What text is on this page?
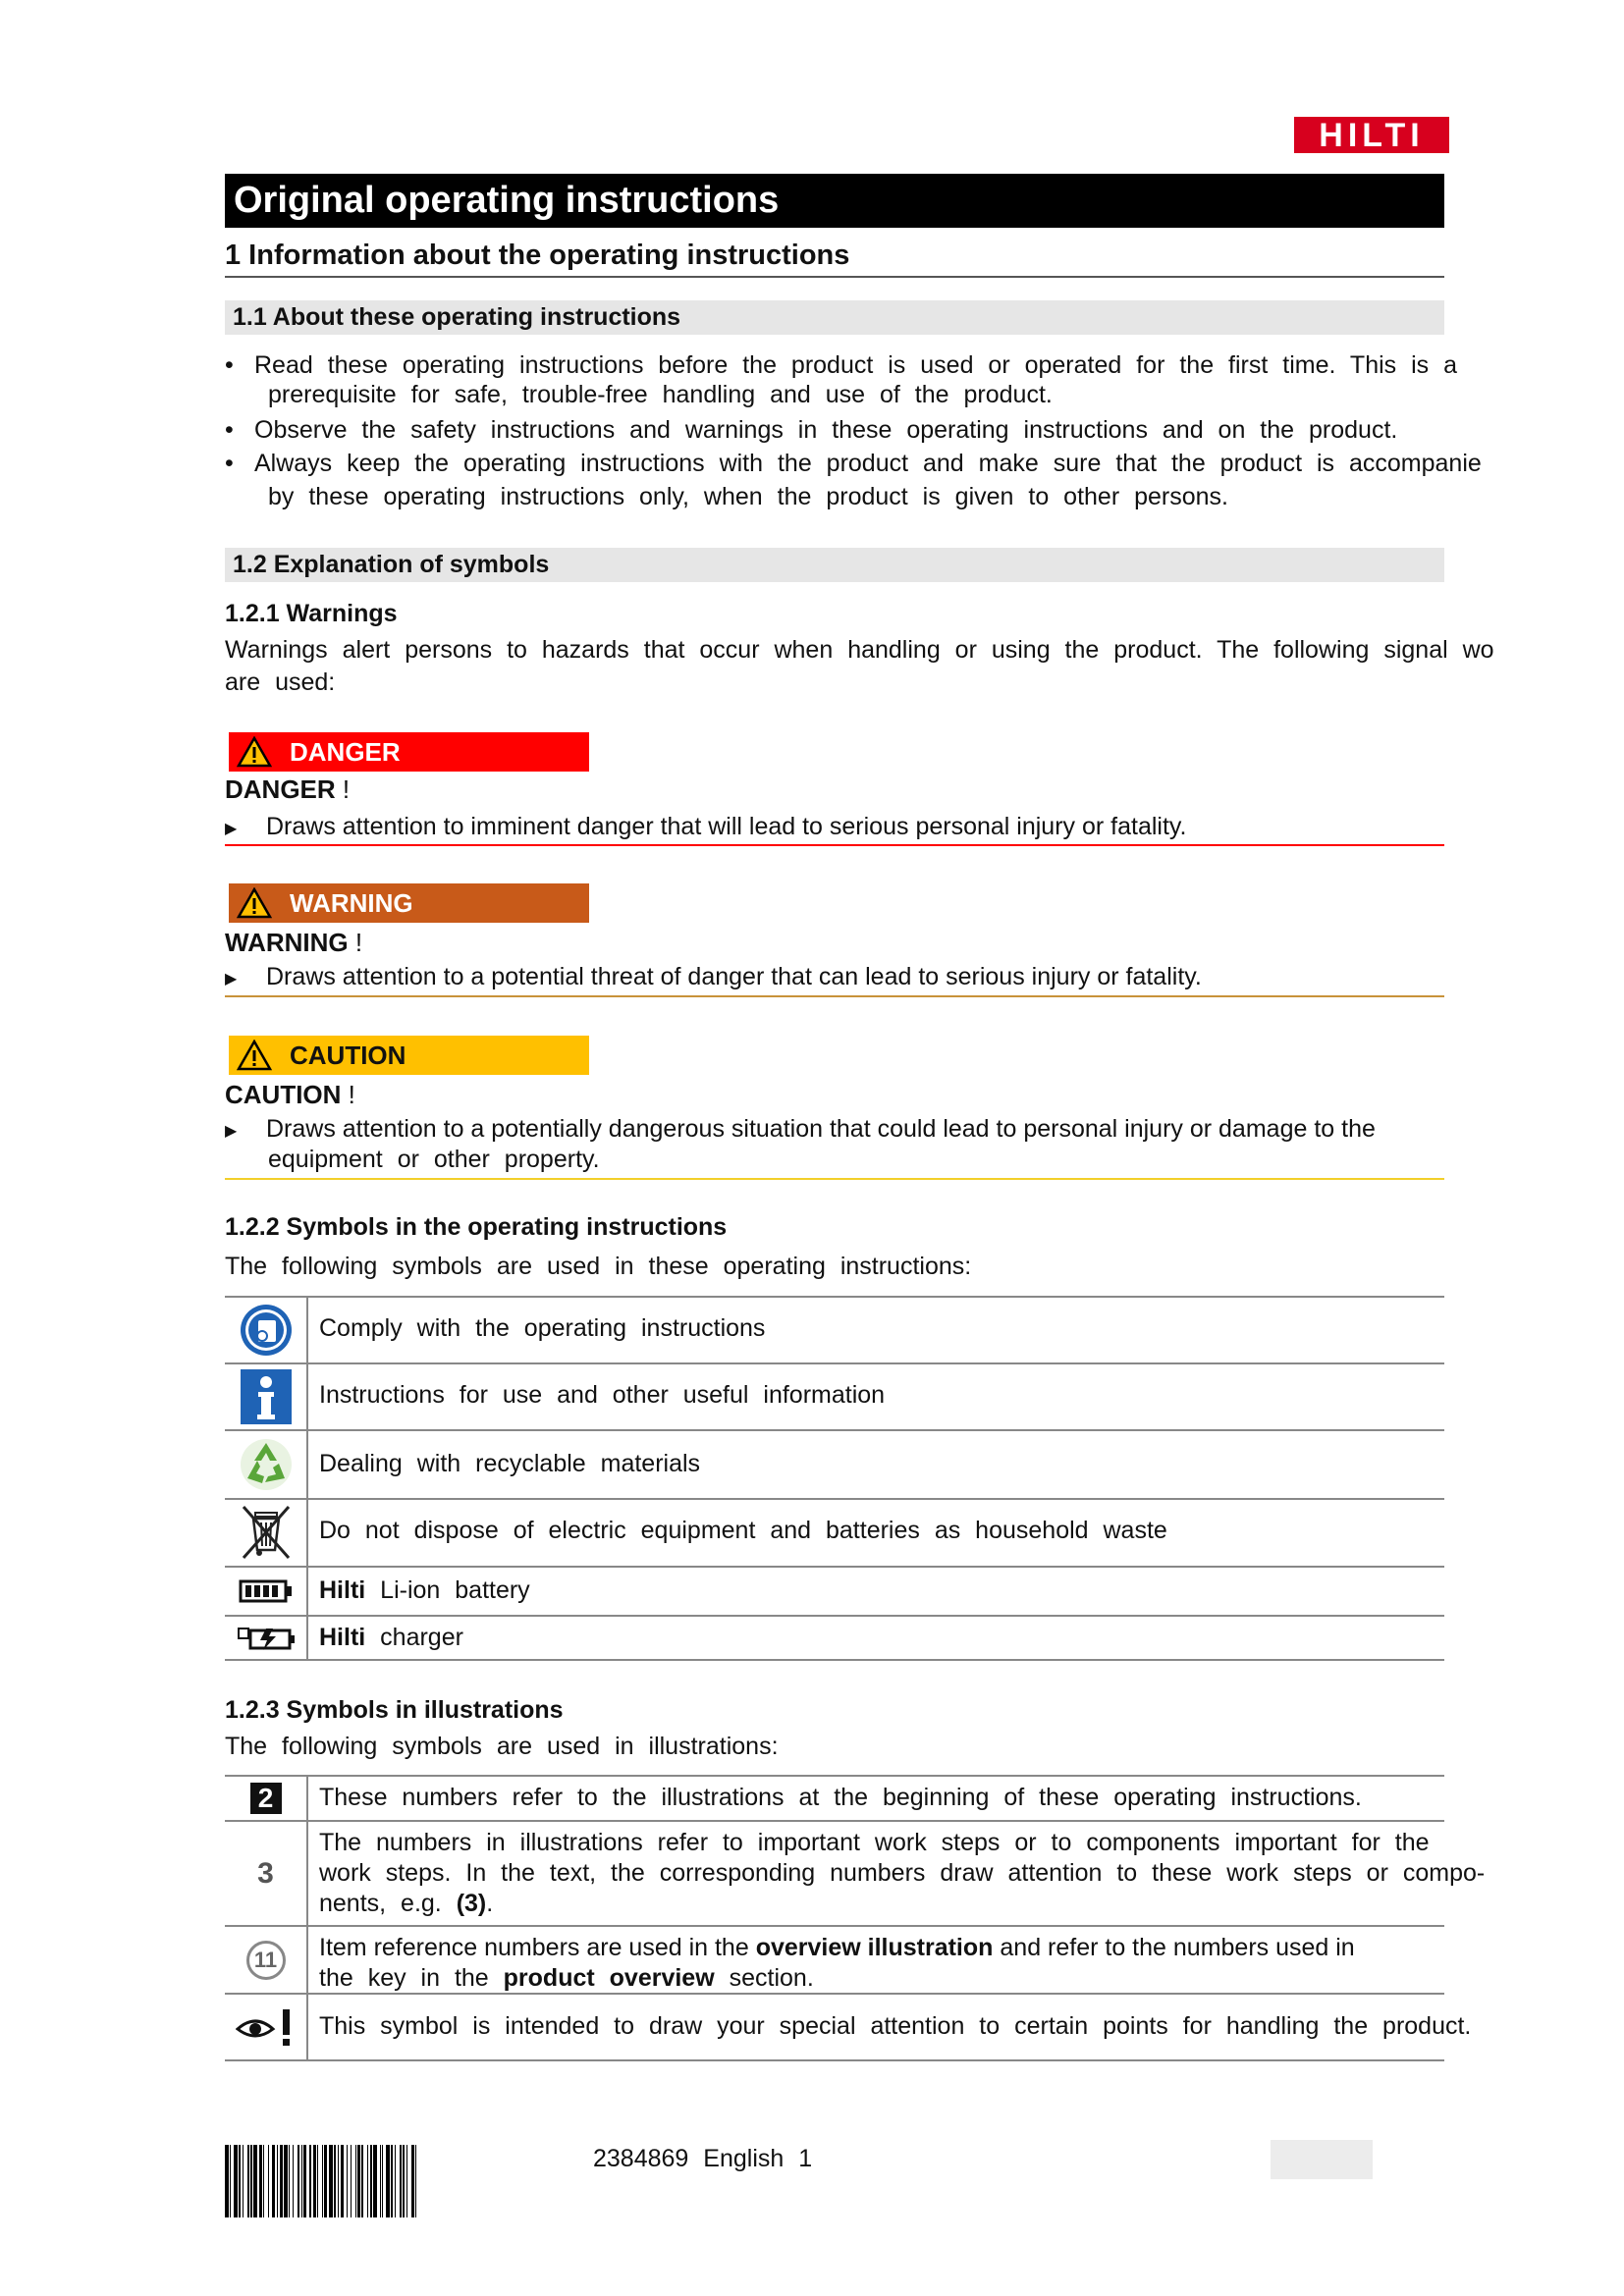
HILTI
Original operating instructions
1 Information about the operating instructions
1.1 About these operating instructions
• Read these operating instructions before the product is used or operated for the first time. This is a
prerequisite for safe, trouble-free handling and use of the product.
• Observe the safety instructions and warnings in these operating instructions and on the product.
• Always keep the operating instructions with the product and make sure that the product is accompanie
by these operating instructions only, when the product is given to other persons.
1.2 Explanation of symbols
1.2.1 Warnings
Warnings alert persons to hazards that occur when handling or using the product. The following signal wo
are used:
DANGER
DANGER !
▶ Draws attention to imminent danger that will lead to serious personal injury or fatality.
WARNING
WARNING !
▶ Draws attention to a potential threat of danger that can lead to serious injury or fatality.
CAUTION
CAUTION !
▶ Draws attention to a potentially dangerous situation that could lead to personal injury or damage to the
equipment or other property.
1.2.2 Symbols in the operating instructions
The following symbols are used in these operating instructions:
Comply with the operating instructions
Instructions for use and other useful information
Dealing with recyclable materials
Do not dispose of electric equipment and batteries as household waste
Hilti Li-ion battery
Hilti charger
1.2.3 Symbols in illustrations
The following symbols are used in illustrations:
2	These numbers refer to the illustrations at the beginning of these operating instructions.
3
The numbers in illustrations refer to important work steps or to components important for the
work steps. In the text, the corresponding numbers draw attention to these work steps or compo-
nents, e.g. (3).
11	Item reference numbers are used in the overview illustration and refer to the numbers used in
the key in the product overview section.
This symbol is intended to draw your special attention to certain points for handling the product.
2384869 English 1
